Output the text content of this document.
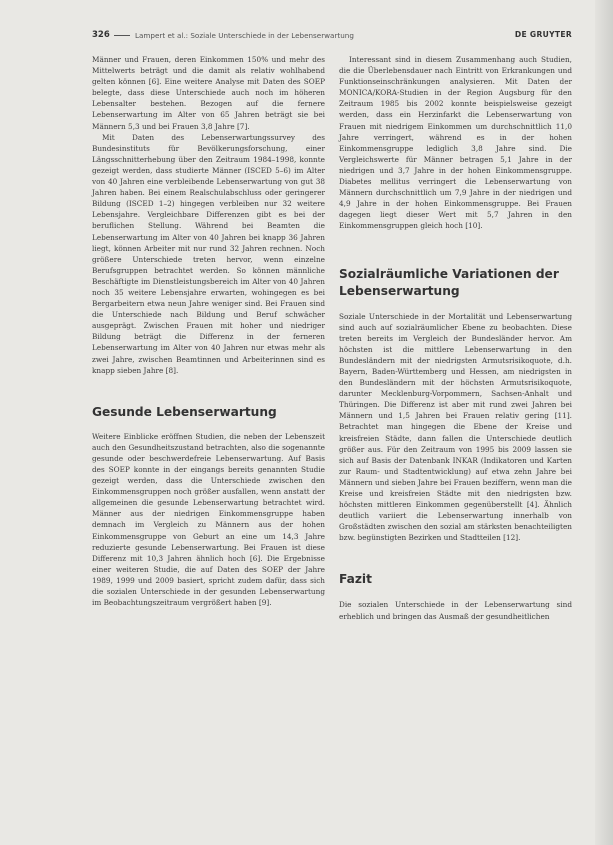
326	Lampert et al.: Soziale Unterschiede in der Lebenserwartung	DE GRUYTER

Männer und Frauen, deren Einkommen 150% und mehr des Mittelwerts beträgt und die damit als relativ wohlhabend gelten können [6]. Eine weitere Analyse mit Daten des SOEP belegte, dass diese Unterschiede auch noch im höheren Lebensalter bestehen. Bezogen auf die fernere Lebenserwartung im Alter von 65 Jahren beträgt sie bei Männern 5,3 und bei Frauen 3,8 Jahre [7].

Mit Daten des Lebenserwartungssurvey des Bundesinstituts für Bevölkerungsforschung, einer Längsschnitterhebung über den Zeitraum 1984–1998, konnte gezeigt werden, dass studierte Männer (ISCED 5–6) im Alter von 40 Jahren eine verbleibende Lebenserwartung von gut 38 Jahren haben. Bei einem Realschulabschluss oder geringerer Bildung (ISCED 1–2) hingegen verbleiben nur 32 weitere Lebensjahre. Vergleichbare Differenzen gibt es bei der beruflichen Stellung. Während bei Beamten die Lebenserwartung im Alter von 40 Jahren bei knapp 36 Jahren liegt, können Arbeiter mit nur rund 32 Jahren rechnen. Noch größere Unterschiede treten hervor, wenn einzelne Berufsgruppen betrachtet werden. So können männliche Beschäftigte im Dienstleistungsbereich im Alter von 40 Jahren noch 35 weitere Lebensjahre erwarten, wohingegen es bei Bergarbeitern etwa neun Jahre weniger sind. Bei Frauen sind die Unterschiede nach Bildung und Beruf schwächer ausgeprägt. Zwischen Frauen mit hoher und niedriger Bildung beträgt die Differenz in der ferneren Lebenserwartung im Alter von 40 Jahren nur etwas mehr als zwei Jahre, zwischen Beamtinnen und Arbeiterinnen sind es knapp sieben Jahre [8].

Gesunde Lebenserwartung

Weitere Einblicke eröffnen Studien, die neben der Lebenszeit auch den Gesundheitszustand betrachten, also die sogenannte gesunde oder beschwerdefreie Lebenserwartung. Auf Basis des SOEP konnte in der eingangs bereits genannten Studie gezeigt werden, dass die Unterschiede zwischen den Einkommensgruppen noch größer ausfallen, wenn anstatt der allgemeinen die gesunde Lebenserwartung betrachtet wird. Männer aus der niedrigen Einkommensgruppe haben demnach im Vergleich zu Männern aus der hohen Einkommensgruppe von Geburt an eine um 14,3 Jahre reduzierte gesunde Lebenserwartung. Bei Frauen ist diese Differenz mit 10,3 Jahren ähnlich hoch [6]. Die Ergebnisse einer weiteren Studie, die auf Daten des SOEP der Jahre 1989, 1999 und 2009 basiert, spricht zudem dafür, dass sich die sozialen Unterschiede in der gesunden Lebenserwartung im Beobachtungszeitraum vergrößert haben [9].

Interessant sind in diesem Zusammenhang auch Studien, die die Überlebensdauer nach Eintritt von Erkrankungen und Funktionseinschränkungen analysieren. Mit Daten der MONICA/KORA-Studien in der Region Augsburg für den Zeitraum 1985 bis 2002 konnte beispielsweise gezeigt werden, dass ein Herzinfarkt die Lebenserwartung von Frauen mit niedrigem Einkommen um durchschnittlich 11,0 Jahre verringert, während es in der hohen Einkommensgruppe lediglich 3,8 Jahre sind. Die Vergleichswerte für Männer betragen 5,1 Jahre in der niedrigen und 3,7 Jahre in der hohen Einkommensgruppe. Diabetes mellitus verringert die Lebenserwartung von Männern durchschnittlich um 7,9 Jahre in der niedrigen und 4,9 Jahre in der hohen Einkommensgruppe. Bei Frauen dagegen liegt dieser Wert mit 5,7 Jahren in den Einkommensgruppen gleich hoch [10].

Sozialräumliche Variationen der Lebenserwartung

Soziale Unterschiede in der Mortalität und Lebenserwartung sind auch auf sozialräumlicher Ebene zu beobachten. Diese treten bereits im Vergleich der Bundesländer hervor. Am höchsten ist die mittlere Lebenserwartung in den Bundesländern mit der niedrigsten Armutsrisikoquote, d.h. Bayern, Baden-Württemberg und Hessen, am niedrigsten in den Bundesländern mit der höchsten Armutsrisikoquote, darunter Mecklenburg-Vorpommern, Sachsen-Anhalt und Thüringen. Die Differenz ist aber mit rund zwei Jahren bei Männern und 1,5 Jahren bei Frauen relativ gering [11]. Betrachtet man hingegen die Ebene der Kreise und kreisfreien Städte, dann fallen die Unterschiede deutlich größer aus. Für den Zeitraum von 1995 bis 2009 lassen sie sich auf Basis der Datenbank INKAR (Indikatoren und Karten zur Raum- und Stadtentwicklung) auf etwa zehn Jahre bei Männern und sieben Jahre bei Frauen beziffern, wenn man die Kreise und kreisfreien Städte mit den niedrigsten bzw. höchsten mittleren Einkommen gegenüberstellt [4]. Ähnlich deutlich variiert die Lebenserwartung innerhalb von Großstädten zwischen den sozial am stärksten benachteiligten bzw. begünstigten Bezirken und Stadtteilen [12].

Fazit

Die sozialen Unterschiede in der Lebenserwartung sind erheblich und bringen das Ausmaß der gesundheitlichen
